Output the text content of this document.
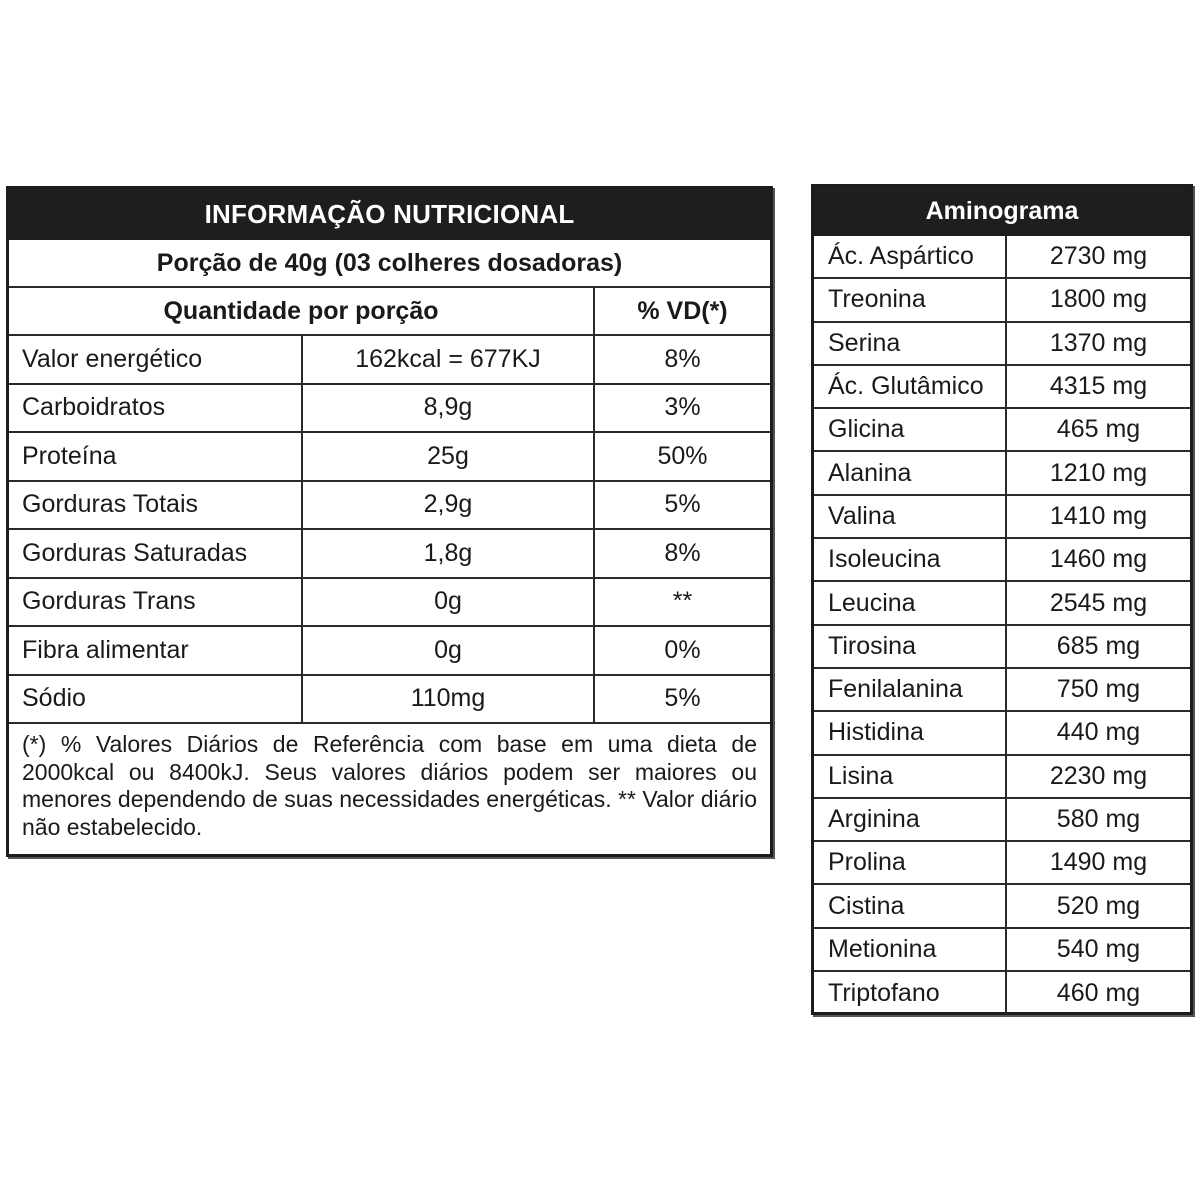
INFORMAÇÃO NUTRICIONAL
Porção de 40g (03 colheres dosadoras)
Quantidade por porção	% VD(*)
Valor energético	162kcal = 677KJ	8%
Carboidratos	8,9g	3%
Proteína	25g	50%
Gorduras Totais	2,9g	5%
Gorduras Saturadas	1,8g	8%
Gorduras Trans	0g	**
Fibra alimentar	0g	0%
Sódio	110mg	5%
(*) % Valores Diários de Referência com base em uma dieta de 2000kcal ou 8400kJ. Seus valores diários podem ser maiores ou menores dependendo de suas necessidades energéticas. ** Valor diário não estabelecido.
Aminograma
Ác. Aspártico	2730 mg
Treonina	1800 mg
Serina	1370 mg
Ác. Glutâmico	4315 mg
Glicina	465 mg
Alanina	1210 mg
Valina	1410 mg
Isoleucina	1460 mg
Leucina	2545 mg
Tirosina	685 mg
Fenilalanina	750 mg
Histidina	440 mg
Lisina	2230 mg
Arginina	580 mg
Prolina	1490 mg
Cistina	520 mg
Metionina	540 mg
Triptofano	460 mg
